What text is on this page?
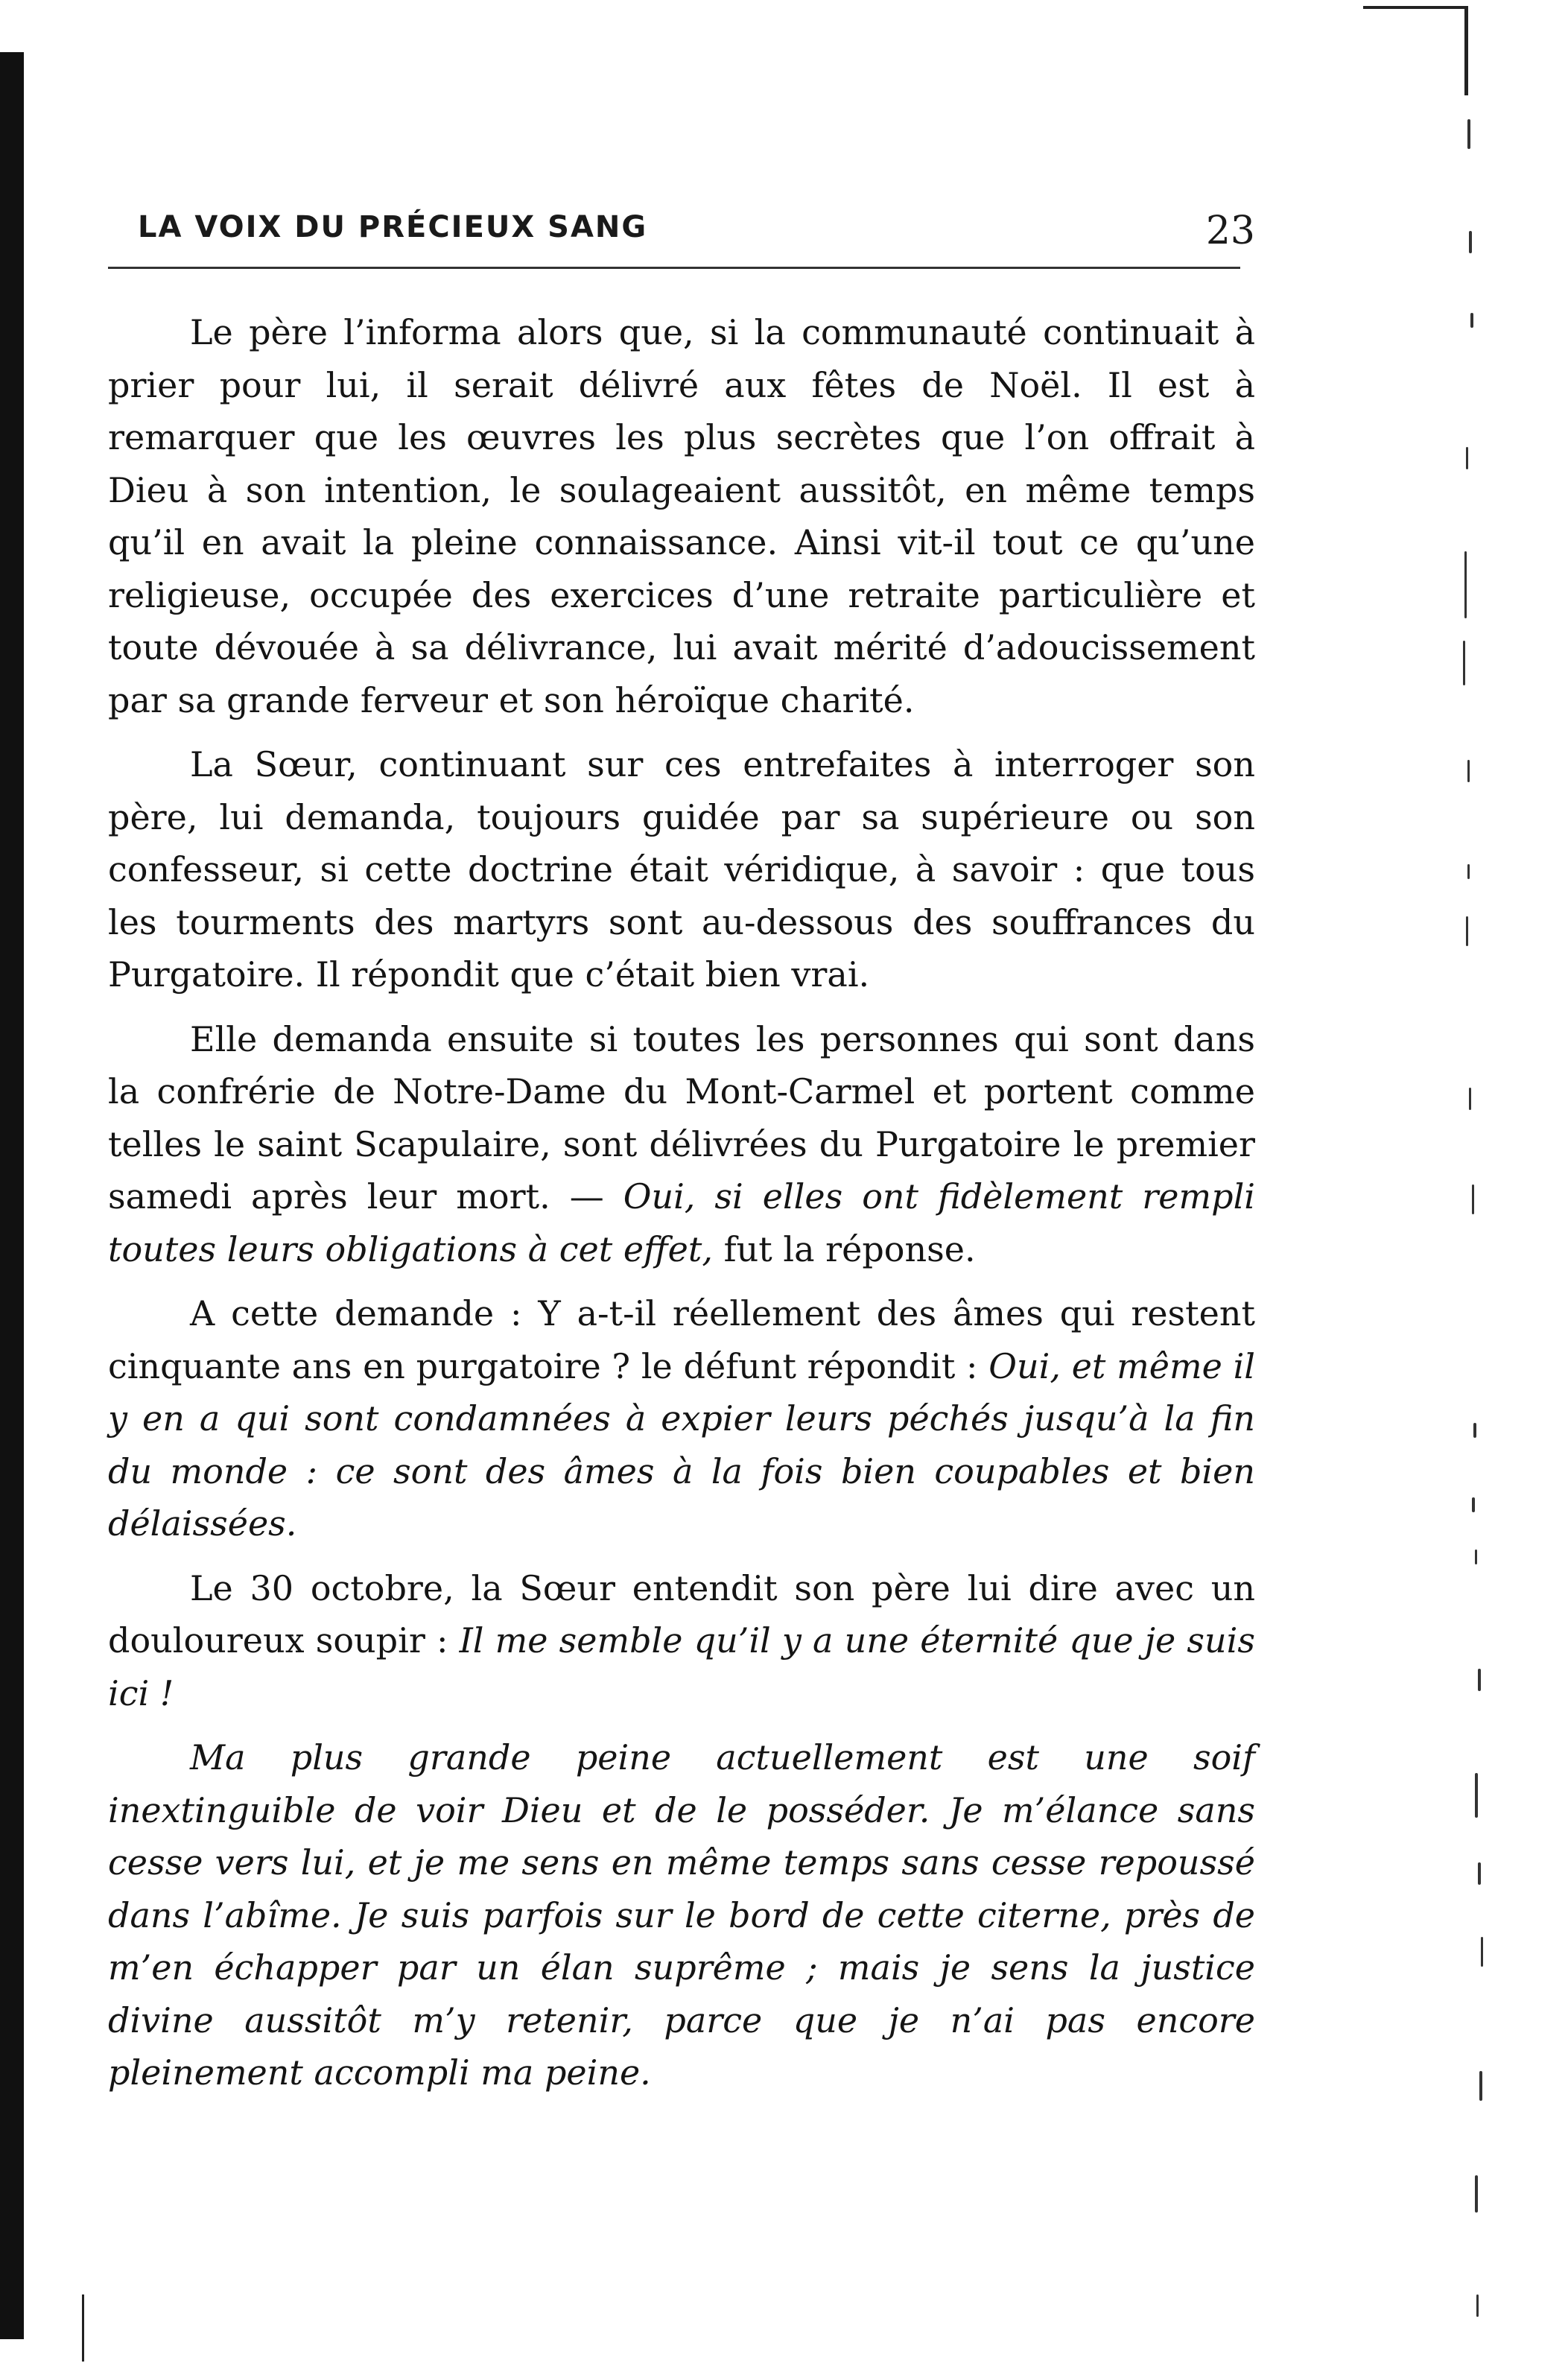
LA VOIX DU PRÉCIEUX SANG	23

Le père l’informa alors que, si la communauté continuait à prier pour lui, il serait délivré aux fêtes de Noël. Il est à remarquer que les œuvres les plus secrètes que l’on offrait à Dieu à son intention, le soulageaient aussitôt, en même temps qu’il en avait la pleine connaissance. Ainsi vit-il tout ce qu’une religieuse, occupée des exercices d’une retraite particulière et toute dévouée à sa délivrance, lui avait mérité d’adoucissement par sa grande ferveur et son héroïque charité.

La Sœur, continuant sur ces entrefaites à interroger son père, lui demanda, toujours guidée par sa supérieure ou son confesseur, si cette doctrine était véridique, à savoir : que tous les tourments des martyrs sont au-dessous des souffrances du Purgatoire. Il répondit que c’était bien vrai.

Elle demanda ensuite si toutes les personnes qui sont dans la confrérie de Notre-Dame du Mont-Carmel et portent comme telles le saint Scapulaire, sont délivrées du Purgatoire le premier samedi après leur mort. — Oui, si elles ont fidèlement rempli toutes leurs obligations à cet effet, fut la réponse.

A cette demande : Y a-t-il réellement des âmes qui restent cinquante ans en purgatoire ? le défunt répondit : Oui, et même il y en a qui sont condamnées à expier leurs péchés jusqu’à la fin du monde : ce sont des âmes à la fois bien coupables et bien délaissées.

Le 30 octobre, la Sœur entendit son père lui dire avec un douloureux soupir : Il me semble qu’il y a une éternité que je suis ici !

Ma plus grande peine actuellement est une soif inextinguible de voir Dieu et de le posséder. Je m’élance sans cesse vers lui, et je me sens en même temps sans cesse repoussé dans l’abîme. Je suis parfois sur le bord de cette citerne, près de m’en échapper par un élan suprême ; mais je sens la justice divine aussitôt m’y retenir, parce que je n’ai pas encore pleinement accompli ma peine.
